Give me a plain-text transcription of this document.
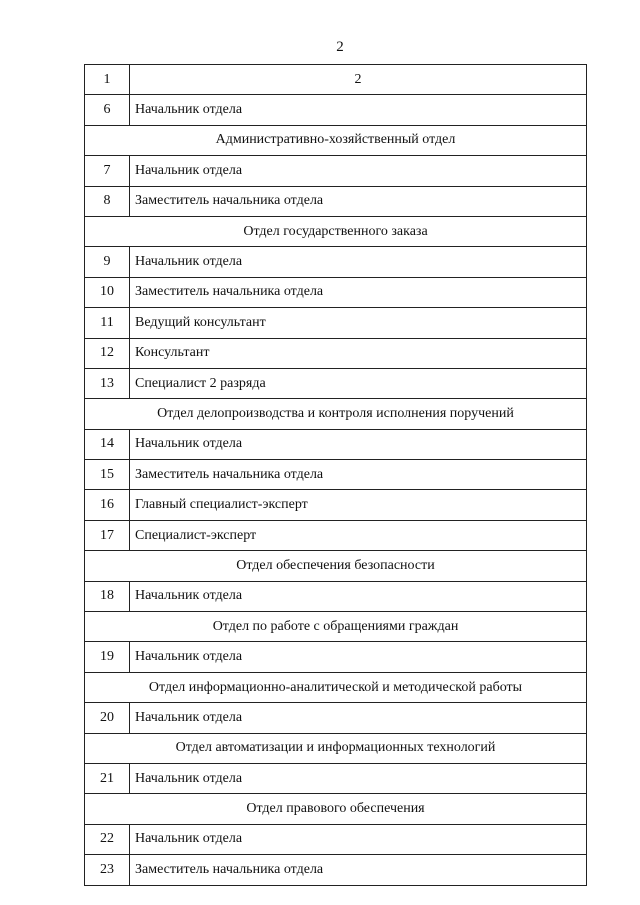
2
1	2
6	Начальник отдела
Административно-хозяйственный отдел	
7	Начальник отдела
8	Заместитель начальника отдела
Отдел государственного заказа	
9	Начальник отдела
10	Заместитель начальника отдела
11	Ведущий консультант
12	Консультант
13	Специалист 2 разряда
Отдел делопроизводства и контроля исполнения поручений	
14	Начальник отдела
15	Заместитель начальника отдела
16	Главный специалист-эксперт
17	Специалист-эксперт
Отдел обеспечения безопасности	
18	Начальник отдела
Отдел по работе с обращениями граждан	
19	Начальник отдела
Отдел информационно-аналитической и методической работы	
20	Начальник отдела
Отдел автоматизации и информационных технологий	
21	Начальник отдела
Отдел правового обеспечения	
22	Начальник отдела
23	Заместитель начальника отдела
